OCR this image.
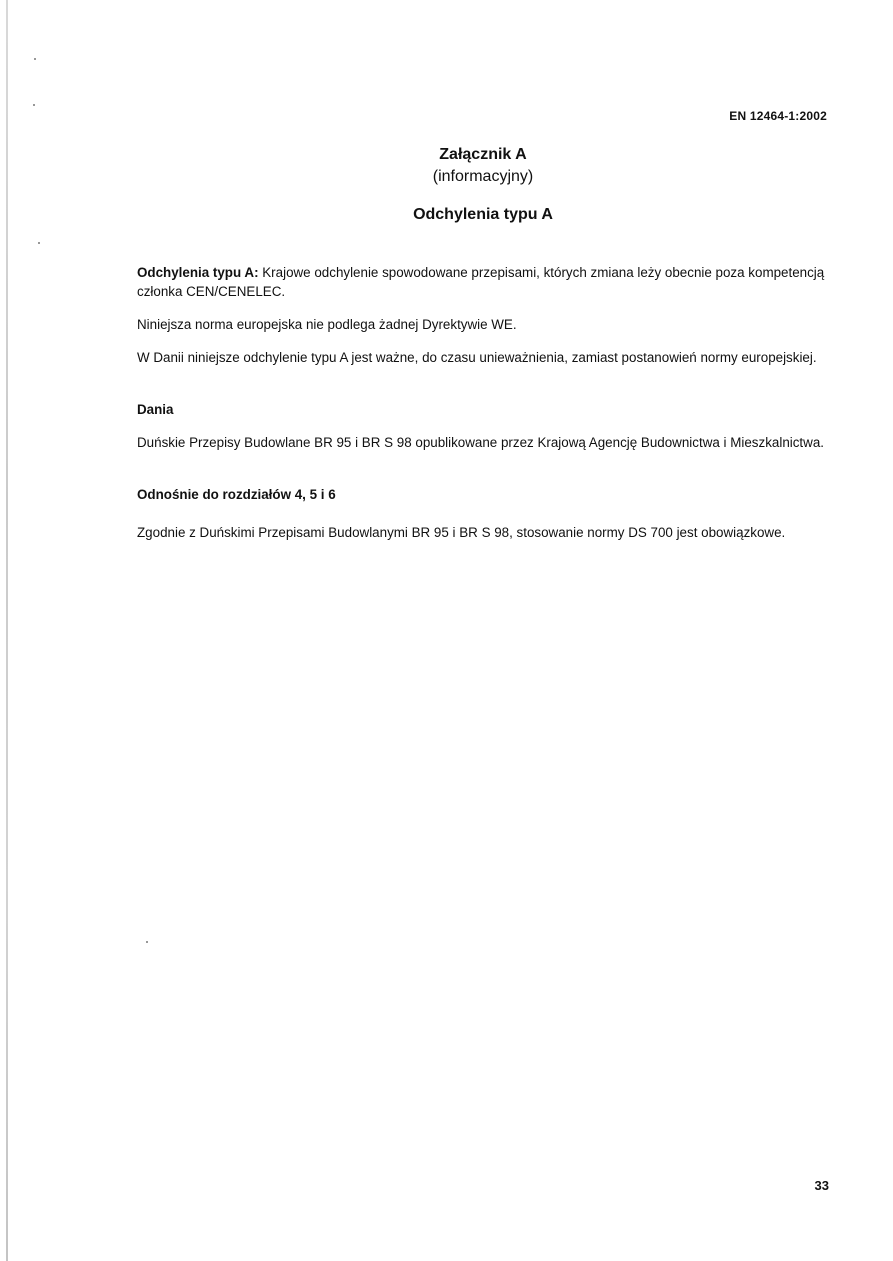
EN 12464-1:2002
Załącznik A
(informacyjny)
Odchylenia typu A

Odchylenia typu A: Krajowe odchylenie spowodowane przepisami, których zmiana leży obecnie poza kompetencją członka CEN/CENELEC.

Niniejsza norma europejska nie podlega żadnej Dyrektywie WE.

W Danii niniejsze odchylenie typu A jest ważne, do czasu unieważnienia, zamiast postanowień normy europejskiej.

Dania

Duńskie Przepisy Budowlane BR 95 i BR S 98 opublikowane przez Krajową Agencję Budownictwa i Mieszkalnictwa.

Odnośnie do rozdziałów 4, 5 i 6

Zgodnie z Duńskimi Przepisami Budowlanymi BR 95 i BR S 98, stosowanie normy DS 700 jest obowiązkowe.

33
